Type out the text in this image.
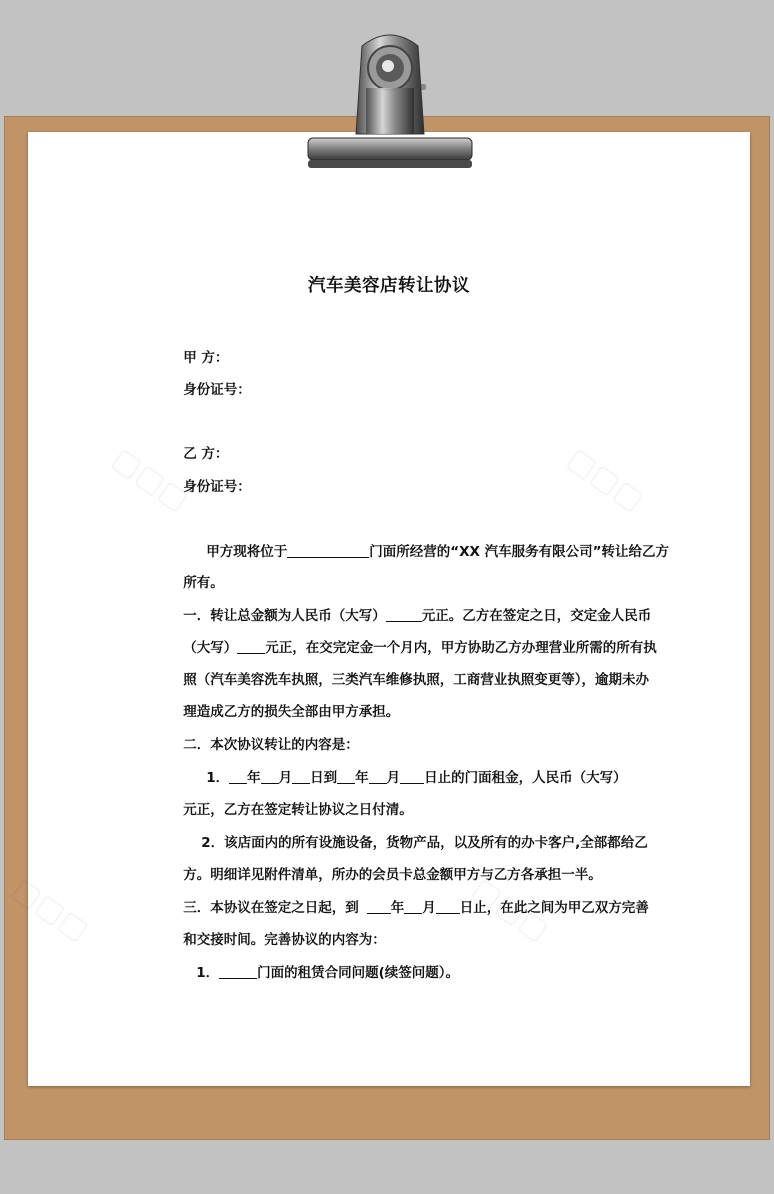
汽车美容店转让协议

甲 方：

身份证号：

乙 方：

身份证号：

甲方现将位于	门面所经营的“XX 汽车服务有限公司”转让给乙方

所有。

一．转让总金额为人民币（大写）	元正。乙方在签定之日，交定金人民币

（大写） 元正，在交完定金一个月内，甲方协助乙方办理营业所需的所有执

照（汽车美容洗车执照，三类汽车维修执照，工商营业执照变更等），逾期未办

理造成乙方的损失全部由甲方承担。

二．本次协议转让的内容是：

1． 年 月 日到 年 月 日止的门面租金，人民币（大写）

元正，乙方在签定转让协议之日付清。

2．该店面内的所有设施设备，货物产品，以及所有的办卡客户,全部都给乙

方。明细详见附件清单，所办的会员卡总金额甲方与乙方各承担一半。

三．本协议在签定之日起，到 年 月 日止，在此之间为甲乙双方完善

和交接时间。完善协议的内容为：

1．	门面的租赁合同问题(续签问题）。
